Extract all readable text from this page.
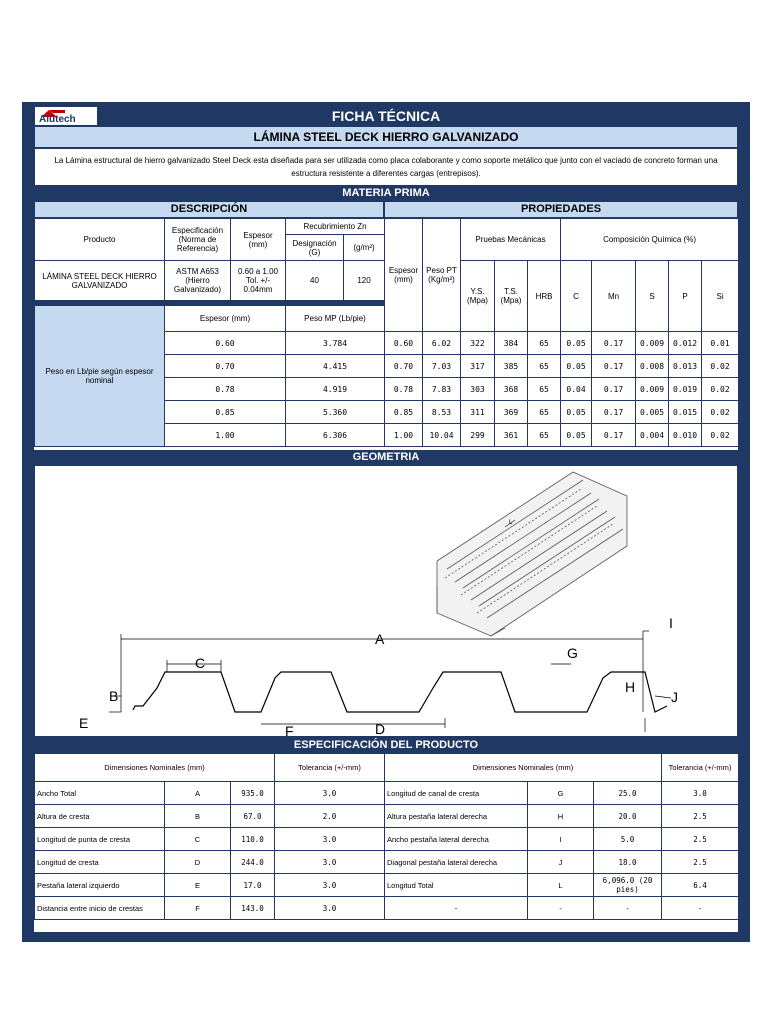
FICHA TÉCNICA
Alutech
LÁMINA STEEL DECK HIERRO GALVANIZADO
La Lámina estructural de hierro galvanizado Steel Deck esta diseñada para ser utilizada como placa colaborante y como soporte metálico que junto con el vaciado de concreto forman una estructura resistente a diferentes cargas (entrepisos).
MATERIA PRIMA
DESCRIPCIÓN	PROPIEDADES
Producto	Especificación (Norma de Referencia)	Espesor (mm)	Recubrimiento Zn	
			Designación (G)	(g/m²)
LÁMINA STEEL DECK HIERRO GALVANIZADO	ASTM A653 (Hierro Galvanizado)	0.60 a 1.00 Tol. +/- 0.04mm	40	120
Peso en Lb/pie según espesor nominal	Espesor (mm)	Peso MP (Lb/pie)
	0.60	3.784
	0.70	4.415
	0.78	4.919
	0.85	5.360
	1.00	6.306
Espesor (mm)	Peso PT (Kg/m²)	Pruebas Mecánicas			Composición Química (%)				
		Y.S. (Mpa)	T.S. (Mpa)	HRB	C	Mn	S	P	Si

0.60	6.02	322	384	65	0.05	0.17	0.009	0.012	0.01
0.70	7.03	317	385	65	0.05	0.17	0.008	0.013	0.02
0.78	7.83	303	368	65	0.04	0.17	0.009	0.019	0.02
0.85	8.53	311	369	65	0.05	0.17	0.005	0.015	0.02
1.00	10.04	299	361	65	0.05	0.17	0.004	0.010	0.02
GEOMETRIA
L
A
B
C
D
E	F
G
H
I
J
ESPECIFICACIÓN DEL PRODUCTO
Dimensiones Nominales (mm)			Tolerancia (+/-mm)
Ancho Total	A	935.0	3.0
Altura de cresta	B	67.0	2.0
Longitud de punta de cresta	C	110.0	3.0
Longitud de cresta	D	244.0	3.0
Pestaña lateral izquierdo	E	17.0	3.0
Distancia entre inicio de crestas	F	143.0	3.0
Dimensiones Nominales (mm)			Tolerancia (+/-mm)
Longitud de canal de cresta	G	25.0	3.0
Altura pestaña lateral derecha	H	20.0	2.5
Ancho pestaña lateral derecha	I	5.0	2.5
Diagonal pestaña lateral derecha	J	18.0	2.5
Longitud Total	L	6,096.0 (20 pies)	6.4
-	-	-	-
